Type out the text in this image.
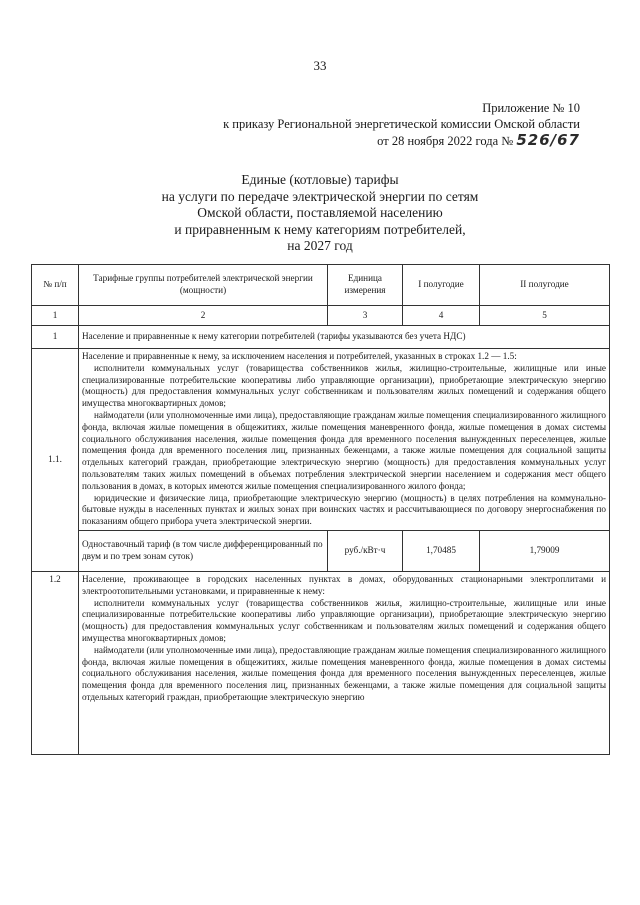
33
Приложение № 10
к приказу Региональной энергетической комиссии Омской области
от 28 ноября 2022 года № 526/67
Единые (котловые) тарифы
на услуги по передаче электрической энергии по сетям
Омской области, поставляемой населению
и приравненным к нему категориям потребителей,
на 2027 год
№ п/п	Тарифные группы потребителей электрической энергии (мощности)	Единица измерения	I полугодие	II полугодие
1	2	3	4	5
1	Население и приравненные к нему категории потребителей (тарифы указываются без учета НДС)			
1.1.	Население и приравненные к нему, за исключением населения и потребителей, указанных в строках 1.2 — 1.5:

исполнители коммунальных услуг (товарищества собственников жилья, жилищно-строительные, жилищные или иные специализированные потребительские кооперативы либо управляющие организации), приобретающие электрическую энергию (мощность) для предоставления коммунальных услуг собственникам и пользователям жилых помещений и содержания общего имущества многоквартирных домов;

наймодатели (или уполномоченные ими лица), предоставляющие гражданам жилые помещения специализированного жилищного фонда, включая жилые помещения в общежитиях, жилые помещения маневренного фонда, жилые помещения в домах системы социального обслуживания населения, жилые помещения фонда для временного поселения вынужденных переселенцев, жилые помещения фонда для временного поселения лиц, признанных беженцами, а также жилые помещения для социальной защиты отдельных категорий граждан, приобретающие электрическую энергию (мощность) для предоставления коммунальных услуг пользователям таких жилых помещений в объемах потребления электрической энергии населением и содержания мест общего пользования в домах, в которых имеются жилые помещения специализированного жилого фонда;

юридические и физические лица, приобретающие электрическую энергию (мощность) в целях потребления на коммунально-бытовые нужды в населенных пунктах и жилых зонах при воинских частях и рассчитывающиеся по договору энергоснабжения по показаниям общего прибора учета электрической энергии.			

	Одноставочный тариф (в том числе дифференцированный по двум и по трем зонам суток)	руб./кВт·ч	1,70485	1,79009
1.2	Население, проживающее в городских населенных пунктах в домах, оборудованных стационарными электроплитами и электроотопительными установками, и приравненные к нему:

исполнители коммунальных услуг (товарищества собственников жилья, жилищно-строительные, жилищные или иные специализированные потребительские кооперативы либо управляющие организации), приобретающие электрическую энергию (мощность) для предоставления коммунальных услуг собственникам и пользователям жилых помещений и содержания общего имущества многоквартирных домов;

наймодатели (или уполномоченные ими лица), предоставляющие гражданам жилые помещения специализированного жилищного фонда, включая жилые помещения в общежитиях, жилые помещения маневренного фонда, жилые помещения в домах системы социального обслуживания населения, жилые помещения фонда для временного поселения вынужденных переселенцев, жилые помещения фонда для временного поселения лиц, признанных беженцами, а также жилые помещения для социальной защиты отдельных категорий граждан, приобретающие электрическую энергию			
